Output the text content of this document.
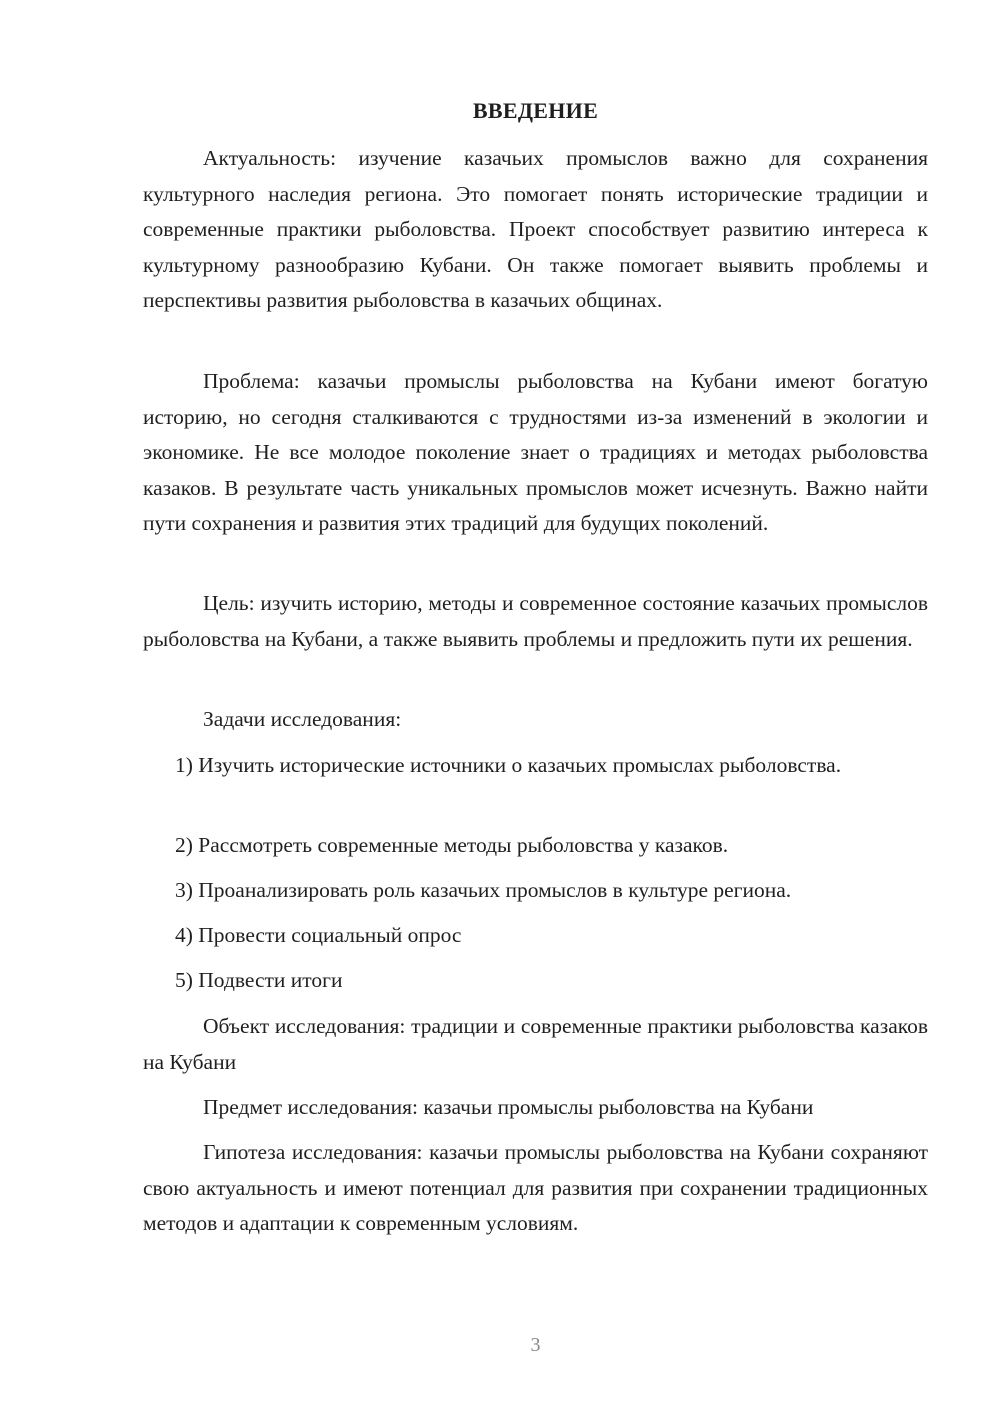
ВВЕДЕНИЕ

Актуальность: изучение казачьих промыслов важно для сохранения культурного наследия региона. Это помогает понять исторические традиции и современные практики рыболовства. Проект способствует развитию интереса к культурному разнообразию Кубани. Он также помогает выявить проблемы и перспективы развития рыболовства в казачьих общинах.

Проблема: казачьи промыслы рыболовства на Кубани имеют богатую историю, но сегодня сталкиваются с трудностями из-за изменений в экологии и экономике. Не все молодое поколение знает о традициях и методах рыболовства казаков. В результате часть уникальных промыслов может исчезнуть. Важно найти пути сохранения и развития этих традиций для будущих поколений.

Цель: изучить историю, методы и современное состояние казачьих промыслов рыболовства на Кубани, а также выявить проблемы и предложить пути их решения.

Задачи исследования:

1) Изучить исторические источники о казачьих промыслах рыболовства.

2) Рассмотреть современные методы рыболовства у казаков.

3) Проанализировать роль казачьих промыслов в культуре региона.

4) Провести социальный опрос

5) Подвести итоги

Объект исследования: традиции и современные практики рыболовства казаков на Кубани

Предмет исследования: казачьи промыслы рыболовства на Кубани

Гипотеза исследования: казачьи промыслы рыболовства на Кубани сохраняют свою актуальность и имеют потенциал для развития при сохранении традиционных методов и адаптации к современным условиям.

3
